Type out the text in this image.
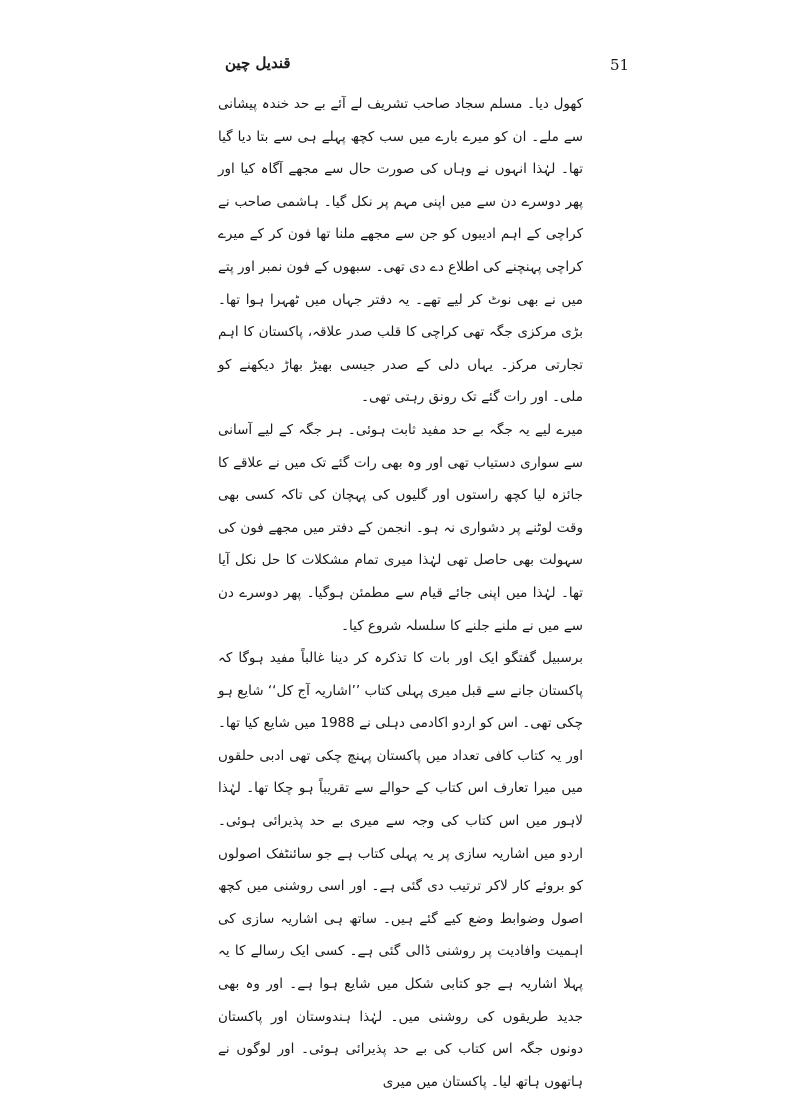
قندیل چین	51

کھول دیا۔ مسلم سجاد صاحب تشریف لے آئے بے حد خندہ پیشانی سے ملے۔ ان کو میرے بارے میں سب کچھ پہلے ہی سے بتا دیا گیا تھا۔ لہٰذا انہوں نے وہاں کی صورت حال سے مجھے آگاہ کیا اور پھر دوسرے دن سے میں اپنی مہم پر نکل گیا۔ ہاشمی صاحب نے کراچی کے اہم ادیبوں کو جن سے مجھے ملنا تھا فون کر کے میرے کراچی پہنچنے کی اطلاع دے دی تھی۔ سبھوں کے فون نمبر اور پتے میں نے بھی نوٹ کر لیے تھے۔ یہ دفتر جہاں میں ٹھہرا ہوا تھا۔ بڑی مرکزی جگہ تھی کراچی کا قلب صدر علاقہ، پاکستان کا اہم تجارتی مرکز۔ یہاں دلی کے صدر جیسی بھیڑ بھاڑ دیکھنے کو ملی۔ اور رات گئے تک رونق رہتی تھی۔

میرے لیے یہ جگہ بے حد مفید ثابت ہوئی۔ ہر جگہ کے لیے آسانی سے سواری دستیاب تھی اور وہ بھی رات گئے تک میں نے علاقے کا جائزہ لیا کچھ راستوں اور گلیوں کی پہچان کی تاکہ کسی بھی وقت لوٹنے پر دشواری نہ ہو۔ انجمن کے دفتر میں مجھے فون کی سہولت بھی حاصل تھی لہٰذا میری تمام مشکلات کا حل نکل آیا تھا۔ لہٰذا میں اپنی جائے قیام سے مطمئن ہوگیا۔ پھر دوسرے دن سے میں نے ملنے جلنے کا سلسلہ شروع کیا۔

برسبیل گفتگو ایک اور بات کا تذکرہ کر دینا غالباً مفید ہوگا کہ پاکستان جانے سے قبل میری پہلی کتاب ’’اشاریہ آج کل‘‘ شایع ہو چکی تھی۔ اس کو اردو اکادمی دہلی نے 1988 میں شایع کیا تھا۔ اور یہ کتاب کافی تعداد میں پاکستان پہنچ چکی تھی ادبی حلقوں میں میرا تعارف اس کتاب کے حوالے سے تقریباً ہو چکا تھا۔ لہٰذا لاہور میں اس کتاب کی وجہ سے میری بے حد پذیرائی ہوئی۔ اردو میں اشاریہ سازی پر یہ پہلی کتاب ہے جو سائنٹفک اصولوں کو بروئے کار لاکر ترتیب دی گئی ہے۔ اور اسی روشنی میں کچھ اصول وضوابط وضع کیے گئے ہیں۔ ساتھ ہی اشاریہ سازی کی اہمیت وافادیت پر روشنی ڈالی گئی ہے۔ کسی ایک رسالے کا یہ پہلا اشاریہ ہے جو کتابی شکل میں شایع ہوا ہے۔ اور وہ بھی جدید طریقوں کی روشنی میں۔ لہٰذا ہندوستان اور پاکستان دونوں جگہ اس کتاب کی بے حد پذیرائی ہوئی۔ اور لوگوں نے ہاتھوں ہاتھ لیا۔ پاکستان میں میری
